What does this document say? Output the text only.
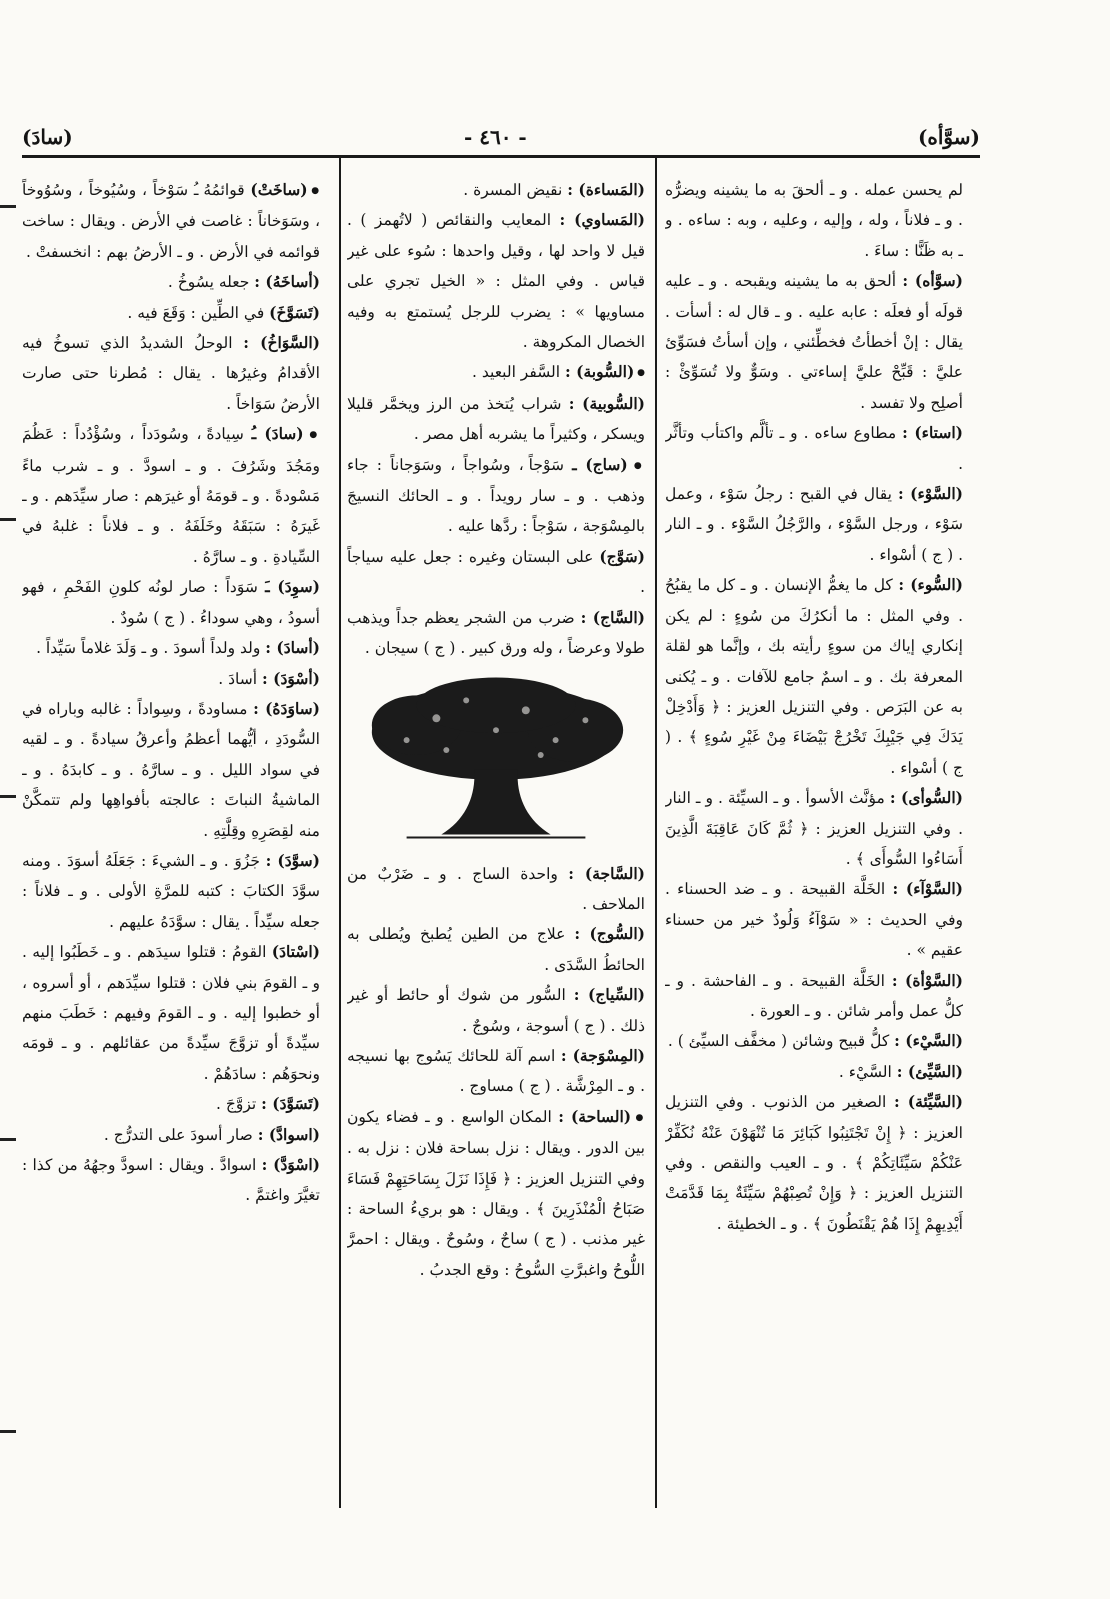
(سوَّأه)
- ٤٦٠ -
(سادَ)

لم يحسن عمله . و ـ ألحقَ به ما يشينه ويضرُّه . و ـ فلاناً ، وله ، وإليه ، وعليه ، وبه : ساءه . و ـ به ظَنًّا : ساءَ .

(سوَّأه) : ألحق به ما يشينه ويقبحه . و ـ عليه قولَه أو فعلَه : عابه عليه . و ـ قال له : أسأت . يقال : إنْ أخطأتُ فخطِّئني ، وإن أسأتُ فسَوِّئ عليَّ : قَبِّحْ عليَّ إساءتي . وسَوٌّ ولا تُسَوِّئْ : أصلِح ولا تفسد .

(استاء) : مطاوع ساءه . و ـ تألَّم واكتأب وتأثَّر .

(السَّوْء) : يقال في القبح : رجلُ سَوْء ، وعمل سَوْء ، ورجل السَّوْء ، والرَّجُلُ السَّوْء . و ـ النار . ( ج ) أسْواء .

(السُّوء) : كل ما يغمُّ الإنسان . و ـ كل ما يقبُحُ . وفي المثل : ما أنكرُكَ من سُوءٍ : لم يكن إنكاري إياك من سوءٍ رأيته بك ، وإنَّما هو لقلة المعرفة بك . و ـ اسمٌ جامع للآفات . و ـ يُكنى به عن البَرَص . وفي التنزيل العزيز : ﴿ وَأَدْخِلْ يَدَكَ فِي جَيْبِكَ تَخْرُجْ بَيْضَاءَ مِنْ غَيْرِ سُوءٍ ﴾ . ( ج ) أسْواء .

(السُّوأى) : مؤنَّث الأسوأ . و ـ السيِّئة . و ـ النار . وفي التنزيل العزيز : ﴿ ثُمَّ كَانَ عَاقِبَةَ الَّذِينَ أَسَاءُوا السُّوأَى ﴾ .

(السَّوْآء) : الخَلَّة القبيحة . و ـ ضد الحسناء . وفي الحديث : « سَوْآءُ وَلُودٌ خير من حسناء عقيم » .

(السَّوْأة) : الخَلَّة القبيحة . و ـ الفاحشة . و ـ كلُّ عمل وأمر شائن . و ـ العورة .

(السَّيْء) : كلُّ قبيح وشائن ( مخفَّف السيِّئ ) .

(السَّيِّئ) : السَّيْء .

(السَّيِّئة) : الصغير من الذنوب . وفي التنزيل العزيز : ﴿ إِنْ تَجْتَنِبُوا كَبَائِرَ مَا تُنْهَوْنَ عَنْهُ نُكَفِّرْ عَنْكُمْ سَيِّئَاتِكُمْ ﴾ . و ـ العيب والنقص . وفي التنزيل العزيز : ﴿ وَإِنْ تُصِبْهُمْ سَيِّئَةٌ بِمَا قَدَّمَتْ أَيْدِيهِمْ إِذَا هُمْ يَقْنَطُونَ ﴾ . و ـ الخطيئة .

(المَساءة) : نقيض المسرة .

(المَساوي) : المعايب والنقائص ( لاتُهمز ) . قيل لا واحد لها ، وقيل واحدها : سُوء على غير قياس . وفي المثل : « الخيل تجري على مساويها » : يضرب للرجل يُستمتع به وفيه الخصال المكروهة .

● (السُّوبة) : السَّفر البعيد .

(السُّوبية) : شراب يُتخذ من الرز ويخمَّر قليلا ويسكر ، وكثيراً ما يشربه أهل مصر .

● (ساج) ـ سَوْجاً ، وسُواجاً ، وسَوَجاناً : جاء وذهب . و ـ سار رويداً . و ـ الحائك النسيجَ بالمِسْوَجة ، سَوْجاً : ردَّها عليه .

(سَوَّج) على البستان وغيره : جعل عليه سياجاً .

(السَّاج) : ضرب من الشجر يعظم جداً ويذهب طولا وعرضاً ، وله ورق كبير . ( ج ) سيجان .

(السَّاجة) : واحدة الساج . و ـ ضَرْبٌ من الملاحف .

(السُّوج) : علاج من الطين يُطبخ ويُطلى به الحائطُ السَّدَى .

(السِّياج) : السُّور من شوك أو حائط أو غير ذلك . ( ج ) أسوجة ، وسُوجٌ .

(المِسْوَجة) : اسم آلة للحائك يَسُوج بها نسيجه . و ـ المِرْشَّة . ( ج ) مساوج .

● (الساحة) : المكان الواسع . و ـ فضاء يكون بين الدور . ويقال : نزل بساحة فلان : نزل به . وفي التنزيل العزيز : ﴿ فَإِذَا نَزَلَ بِسَاحَتِهِمْ فَسَاءَ صَبَاحُ الْمُنْذَرِينَ ﴾ . ويقال : هو بريءُ الساحة : غير مذنب . ( ج ) ساحٌ ، وسُوحٌ . ويقال : احمرَّ اللُّوحُ واغبرَّتِ السُّوحُ : وقع الجدبُ .

● (ساخَتْ) قوائمُهُ ـُ سَوْخاً ، وسُيُوخاً ، وسُوُوخاً ، وسَوَخاناً : غاصت في الأرض . ويقال : ساخت قوائمه في الأرض . و ـ الأرضُ بهم : انخسفتْ .

(أساخَهُ) : جعله يسُوخُ .

(تَسَوَّخَ) في الطِّين : وَقَعَ فيه .

(السَّوَاخُ) : الوحلُ الشديدُ الذي تسوخُ فيه الأقدامُ وغيرُها . يقال : مُطرنا حتى صارت الأرضُ سَوَاخاً .

● (سادَ) ـُ سِيادةً ، وسُودَداً ، وسُؤْدُداً : عَظُمَ ومَجُدَ وشَرُفَ . و ـ اسودَّ . و ـ شرب ماءً مَسْودةً . و ـ قومَهُ أو غيرَهم : صار سيِّدَهم . و ـ غَيرَهُ : سَبَقَهُ وخَلَفَهُ . و ـ فلاناً : غلبهُ في السِّيادةِ . و ـ سارَّهُ .

(سوِدَ) ـَ سَوَداً : صار لونُه كلونِ الفَحْمِ ، فهو أسودُ ، وهي سوداءُ . ( ج ) سُودٌ .

(أسادَ) : ولد ولداً أسودَ . و ـ وَلَدَ غلاماً سَيِّداً .

(أسْوَدَ) : أسادَ .

(ساوَدَهُ) : مساودةً ، وسِواداً : غالبه وباراه في السُّودَدِ ، أيُّهما أعظمُ وأعرقُ سيادةً . و ـ لقيه في سواد الليل . و ـ سارَّهُ . و ـ كابدَهُ . و ـ الماشيةُ النباتَ : عالجته بأفواهِها ولم تتمكَّنْ منه لقِصَرِهِ وقِلَّتِهِ .

(سوَّدَ) : جَزُوَ . و ـ الشيءَ : جَعَلَهُ أسوَدَ . ومنه سوَّدَ الكتابَ : كتبه للمرَّةِ الأولى . و ـ فلاناً : جعله سيِّداً . يقال : سوَّدَهُ عليهم .

(اسْتادَ) القومُ : قتلوا سيدَهم . و ـ خَطَبُوا إليه . و ـ القومَ بني فلان : قتلوا سيِّدَهم ، أو أسروه ، أو خطبوا إليه . و ـ القومَ وفيهم : خَطَبَ منهم سيِّدةً أو تزوَّجَ سيِّدةً من عقائلهم . و ـ قومَه ونحوَهُم : سادَهُمْ .

(تَسَوَّدَ) : تزوَّجَ .

(اسوادَّ) : صار أسودَ على التدرُّج .

(اسْوَدَّ) : اسوادَّ . ويقال : اسودَّ وجهُهُ من كذا : تغيَّرَ واغتمَّ .
